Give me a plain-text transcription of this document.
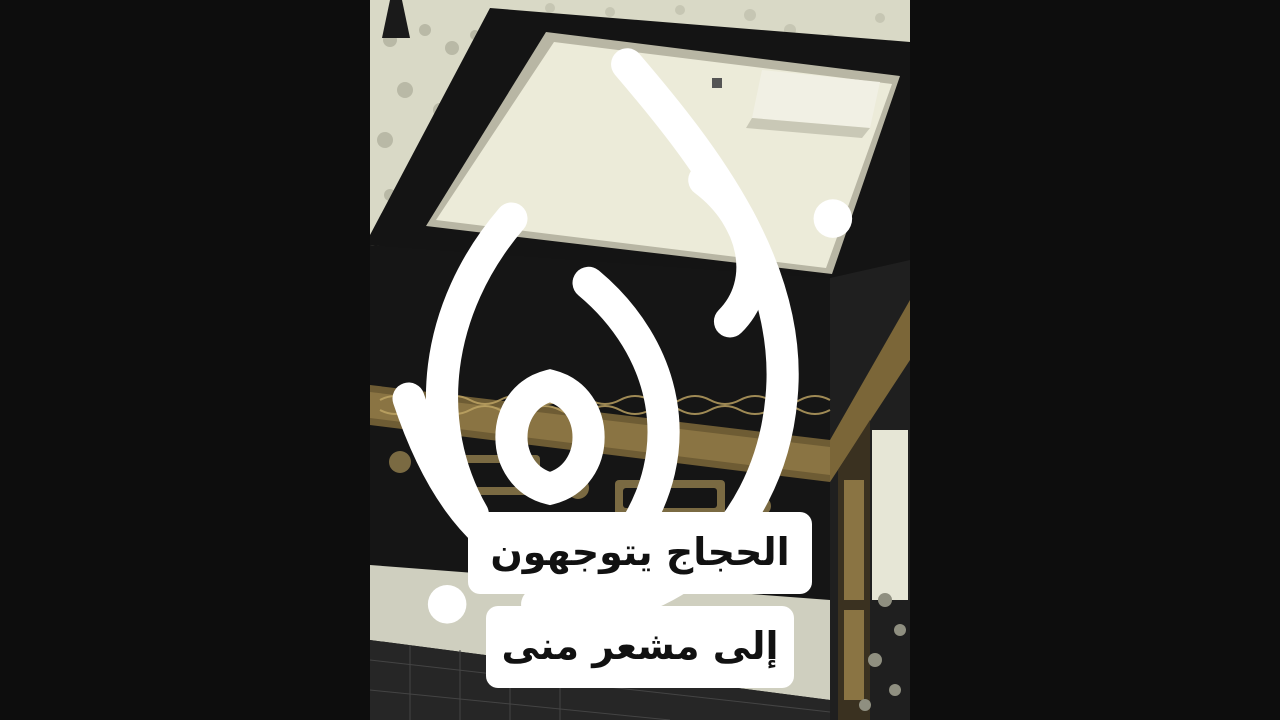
الحجاج يتوجهون
إلى مشعر منى
